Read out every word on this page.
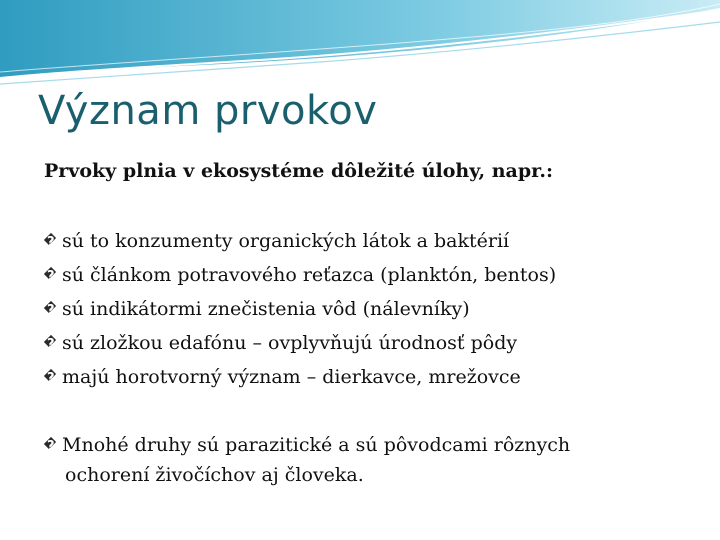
Význam prvokov
Prvoky plnia v ekosystéme dôležité úlohy, napr.:
?sú to konzumenty organických látok a baktérií
?sú článkom potravového reťazca (planktón, bentos)
?sú indikátormi znečistenia vôd (nálevníky)
?sú zložkou edafónu – ovplyvňujú úrodnosť pôdy
?majú horotvorný význam – dierkavce, mrežovce
?Mnohé druhy sú parazitické a sú pôvodcami rôznych
ochorení živočíchov aj človeka.
